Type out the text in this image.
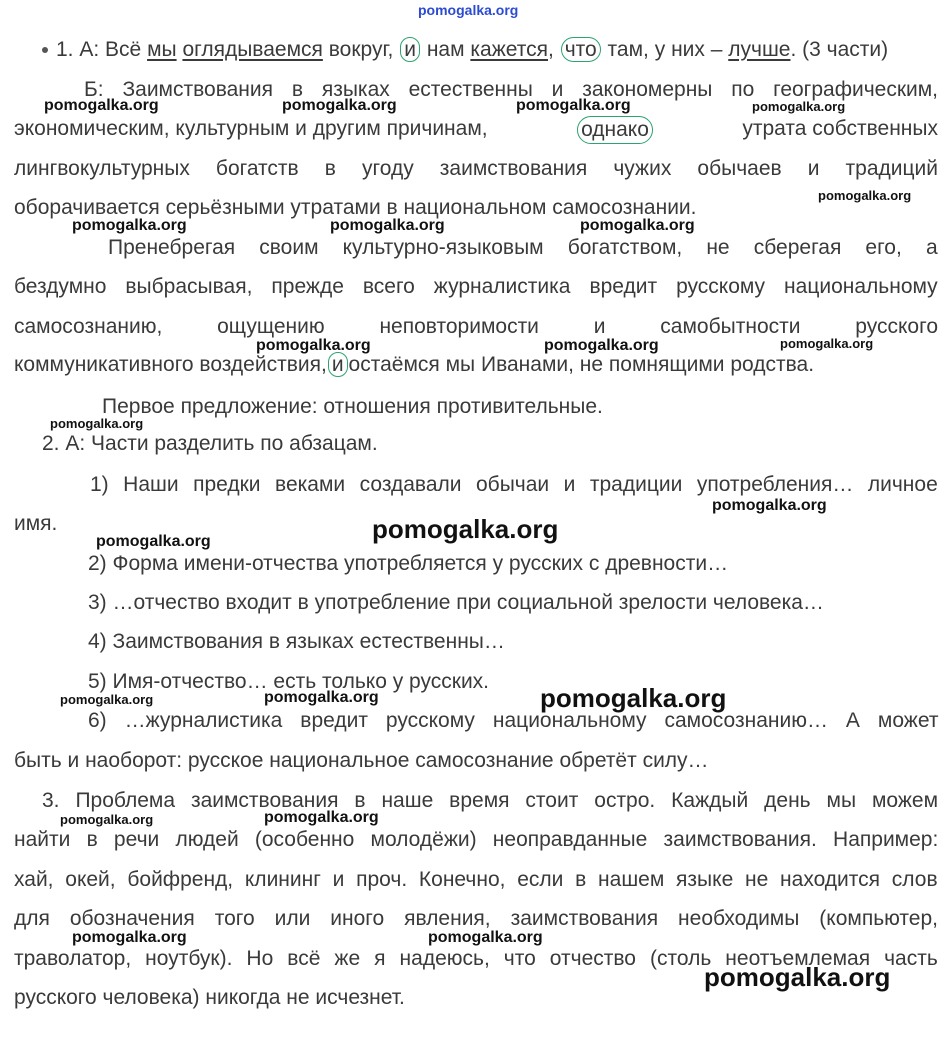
pomogalka.org
1. А: Всё мы оглядываемся вокруг, и нам кажется, что там, у них – лучше. (3 части)
Б: Заимствования в языках естественны и закономерны по географическим,
экономическим, культурным и другим причинам,	однако	утрата собственных
лингвокультурных богатств в угоду заимствования чужих обычаев и традиций
оборачивается серьёзными утратами в национальном самосознании.
Пренебрегая своим культурно-языковым богатством, не сберегая его, а
бездумно выбрасывая, прежде всего журналистика вредит русскому национальному
самосознанию, ощущению неповторимости и самобытности русского
коммуникативного воздействия, и остаёмся мы Иванами, не помнящими родства.
Первое предложение: отношения противительные.
2. А: Части разделить по абзацам.
1) Наши предки веками создавали обычаи и традиции употребления… личное
имя.
2) Форма имени-отчества употребляется у русских с древности…
3) …отчество входит в употребление при социальной зрелости человека…
4) Заимствования в языках естественны…
5) Имя-отчество… есть только у русских.
6) …журналистика вредит русскому национальному самосознанию… А может
быть и наоборот: русское национальное самосознание обретёт силу…
3. Проблема заимствования в наше время стоит остро. Каждый день мы можем
найти в речи людей (особенно молодёжи) неоправданные заимствования. Например:
хай, окей, бойфренд, клининг и проч. Конечно, если в нашем языке не находится слов
для обозначения того или иного явления, заимствования необходимы (компьютер,
траволатор, ноутбук). Но всё же я надеюсь, что отчество (столь неотъемлемая часть
русского человека) никогда не исчезнет.
pomogalka.org	pomogalka.org	pomogalka.org	pomogalka.org
pomogalka.org
pomogalka.org	pomogalka.org	pomogalka.org
pomogalka.org	pomogalka.org	pomogalka.org
pomogalka.org
pomogalka.org
pomogalka.org
pomogalka.org
pomogalka.org	pomogalka.org	pomogalka.org
pomogalka.org	pomogalka.org
pomogalka.org	pomogalka.org
pomogalka.org
